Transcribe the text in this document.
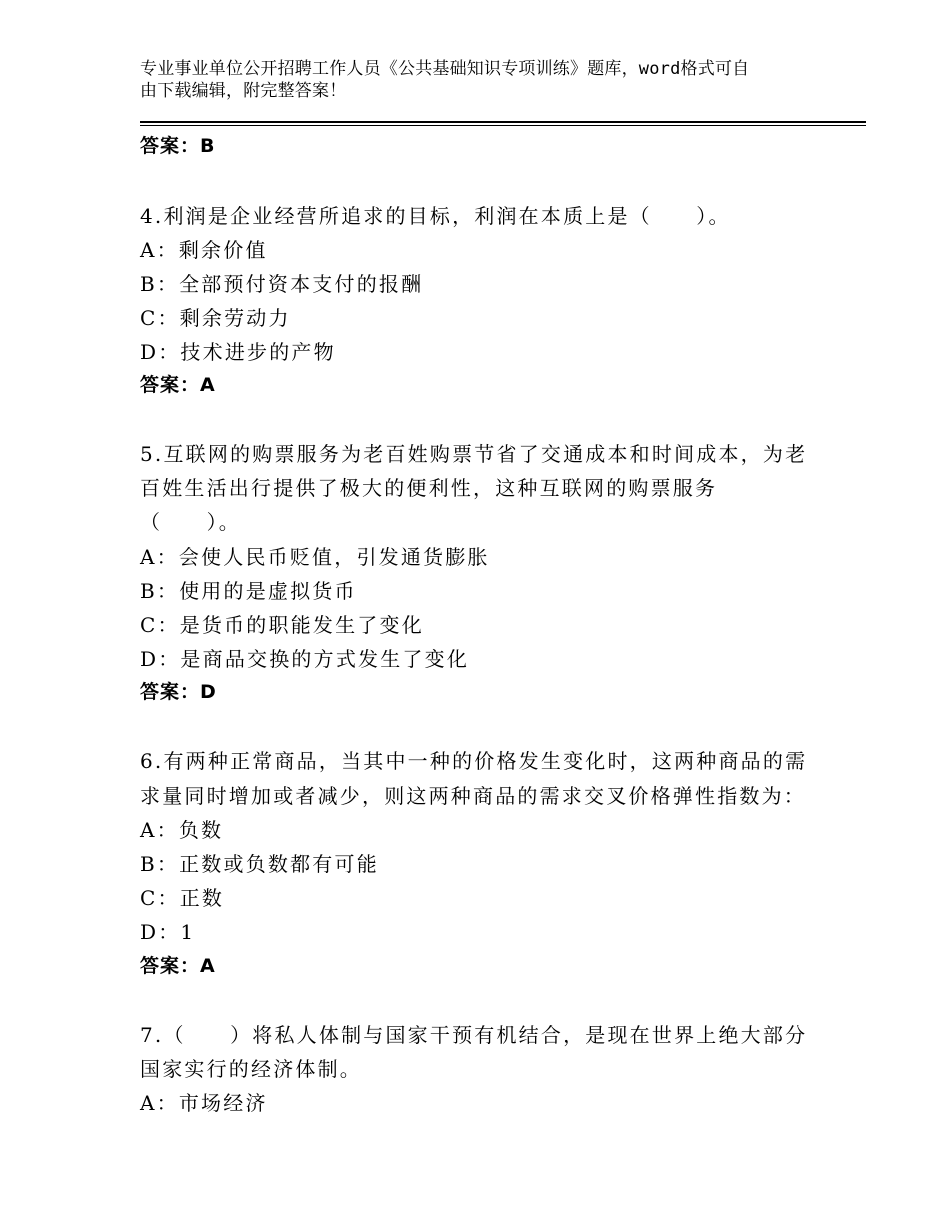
专业事业单位公开招聘工作人员《公共基础知识专项训练》题库，word格式可自
由下载编辑，附完整答案！
答案：B
4.利润是企业经营所追求的目标，利润在本质上是（　　）。
A：剩余价值
B：全部预付资本支付的报酬
C：剩余劳动力
D：技术进步的产物
答案：A
5.互联网的购票服务为老百姓购票节省了交通成本和时间成本，为老
百姓生活出行提供了极大的便利性，这种互联网的购票服务
（　　）。
A：会使人民币贬值，引发通货膨胀
B：使用的是虚拟货币
C：是货币的职能发生了变化
D：是商品交换的方式发生了变化
答案：D
6.有两种正常商品，当其中一种的价格发生变化时，这两种商品的需
求量同时增加或者减少，则这两种商品的需求交叉价格弹性指数为：
A：负数
B：正数或负数都有可能
C：正数
D：1
答案：A
7.（　　）将私人体制与国家干预有机结合，是现在世界上绝大部分
国家实行的经济体制。
A：市场经济
